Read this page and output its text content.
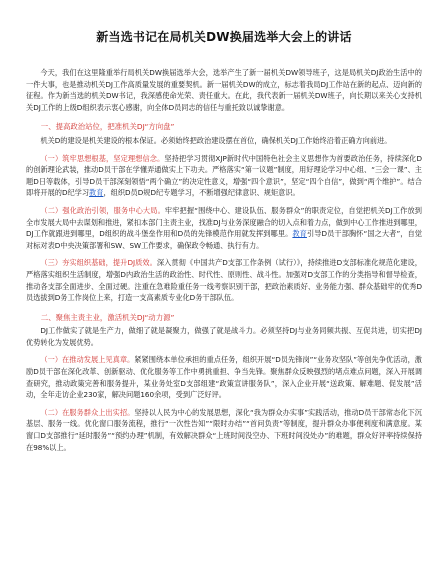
新当选书记在局机关DW换届选举大会上的讲话

今天，我们在这里隆重举行局机关DW换届选举大会，选举产生了新一届机关DW领导班子，这是局机关DJ政治生活中的一件大事，也是推动机关DJ工作高质量发展的重要契机。新一届机关DW的成立，标志着我局DJ工作站在新的起点、迈向新的征程。作为新当选的机关DW书记，我深感使命光荣、责任重大。在此，我代表新一届机关DW班子，向长期以来关心支持机关DJ工作的上级D组织表示衷心感谢，向全体D员同志的信任与重托致以诚挚谢意。

一、提高政治站位，把准机关DJ“方向盘”

机关D的建设是机关建设的根本保证。必须始终把政治建设摆在首位，确保机关DJ工作始终沿着正确方向前进。

（一）筑牢思想根基，坚定理想信念。坚持把学习贯彻XJP新时代中国特色社会主义思想作为首要政治任务，持续深化D的创新理论武装，推动D员干部在学懂弄通做实上下功夫。严格落实“第一议题”制度，用好理论学习中心组、“三会一课”、主题D日等载体，引导D员干部深刻领悟“两个确立”的决定性意义，增强“四个意识”，坚定“四个自信”，做到“两个维护”。结合即将开展的D纪学习教育，组织D员D规D纪专题学习，不断增强纪律意识、规矩意识。

（二）强化政治引领，服务中心大局。牢牢把握“围绕中心、建设队伍、服务群众”的职责定位，自觉把机关DJ工作放到全市发展大局中去谋划和推进，紧扣本部门主责主业，找准DJ与业务深度融合的切入点和着力点，做到中心工作推进到哪里，DJ工作就跟进到哪里，D组织的战斗堡垒作用和D员的先锋模范作用就发挥到哪里。教育引导D员干部胸怀“国之大者”，自觉对标对表D中央决策部署和SW、SW工作要求，确保政令畅通、执行有力。

（三）夯实组织基础，提升DJ质效。深入贯彻《中国共产D支部工作条例（试行）》，持续推进D支部标准化规范化建设，严格落实组织生活制度，增强D内政治生活的政治性、时代性、原则性、战斗性。加强对D支部工作的分类指导和督导检查，推动各支部全面进步、全面过硬。注重在急难险重任务一线考察识别干部，把政治素质好、业务能力强、群众基础牢的优秀D员选拔到D务工作岗位上来，打造一支高素质专业化D务干部队伍。

二、聚焦主责主业，激活机关DJ“动力源”

DJ工作做实了就是生产力，做细了就是凝聚力，做强了就是战斗力。必须坚持DJ与业务同频共振、互促共进，切实把DJ优势转化为发展优势。

（一）在推动发展上见真章。紧紧围绕本单位承担的重点任务，组织开展“D员先锋岗”“业务攻坚队”等创先争优活动，激励D员干部在深化改革、创新驱动、优化服务等工作中勇挑重担、争当先锋。聚焦群众反映强烈的堵点难点问题，深入开展调查研究，推动政策完善和服务提升，某业务处室D支部组建“政策宣讲服务队”，深入企业开展“送政策、解难题、促发展”活动，全年走访企业230家，解决问题160余项，受到广泛好评。

（二）在服务群众上出实招。坚持以人民为中心的发展思想，深化“我为群众办实事”实践活动，推动D员干部常态化下沉基层、服务一线。优化窗口服务流程，推行“一次性告知”“限时办结”“首问负责”等制度，提升群众办事便利度和满意度。某窗口D支部推行“延时服务”“预约办理”机制，有效解决群众“上班时间没空办、下班时间没处办”的难题，群众好评率持续保持在98%以上。
